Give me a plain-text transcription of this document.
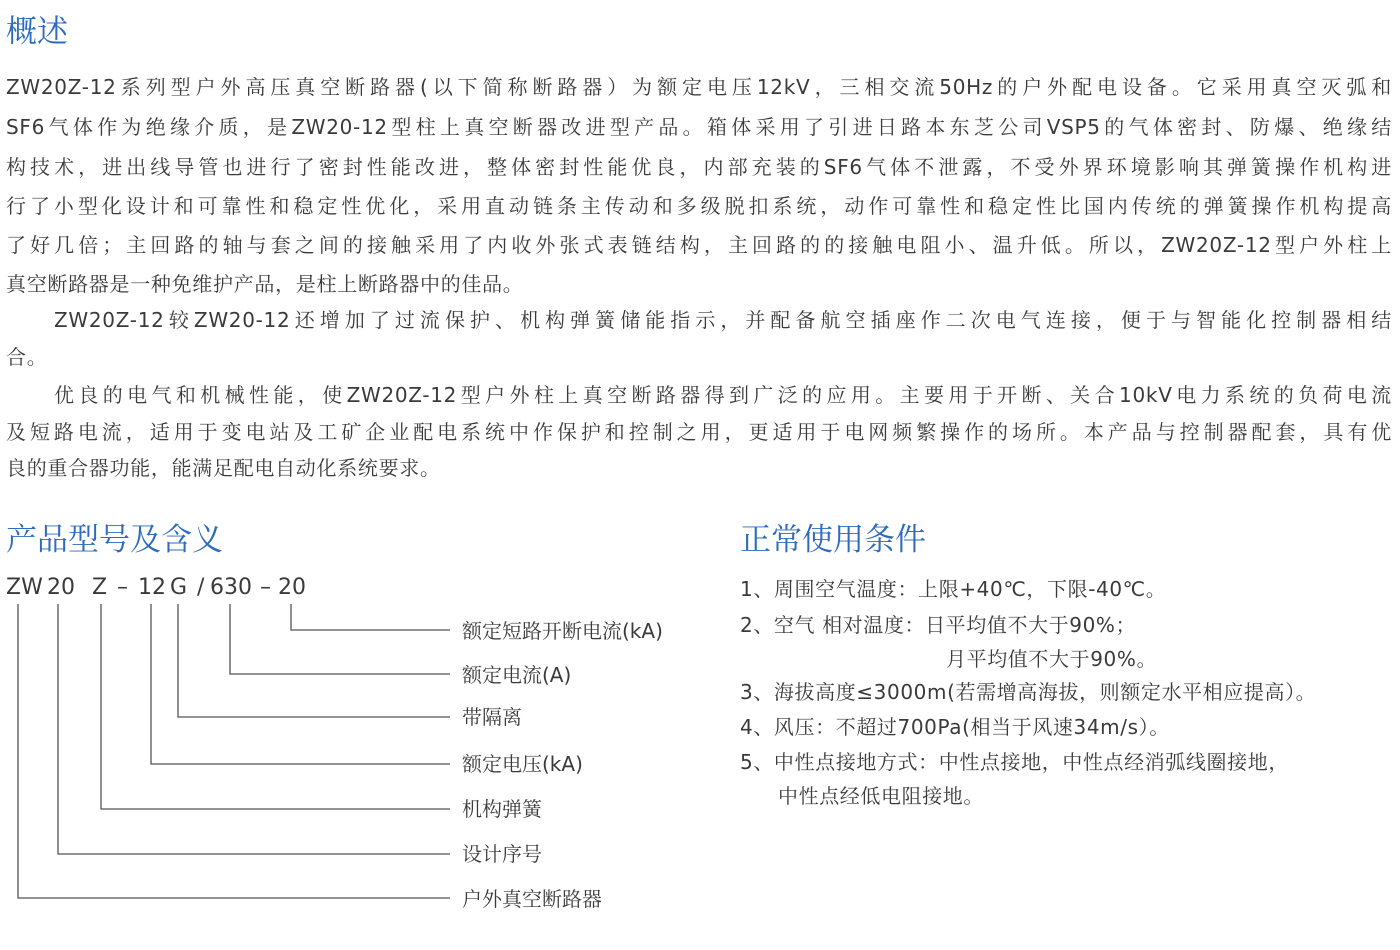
概述
ZW20Z-12系列型户外高压真空断路器(以下简称断路器）为额定电压12kV，三相交流50Hz的户外配电设备。它采用真空灭弧和
SF6气体作为绝缘介质，是ZW20-12型柱上真空断器改进型产品。箱体采用了引进日路本东芝公司VSP5的气体密封、防爆、绝缘结
构技术，进出线导管也进行了密封性能改进，整体密封性能优良，内部充装的SF6气体不泄露，不受外界环境影响其弹簧操作机构进
行了小型化设计和可靠性和稳定性优化，采用直动链条主传动和多级脱扣系统，动作可靠性和稳定性比国内传统的弹簧操作机构提高
了好几倍；主回路的轴与套之间的接触采用了内收外张式表链结构，主回路的的接触电阻小、温升低。所以，ZW20Z-12型户外柱上
真空断路器是一种免维护产品，是柱上断路器中的佳品。
ZW20Z-12较ZW20-12还增加了过流保护、机构弹簧储能指示，并配备航空插座作二次电气连接，便于与智能化控制器相结
合。
优良的电气和机械性能，使ZW20Z-12型户外柱上真空断路器得到广泛的应用。主要用于开断、关合10kV电力系统的负荷电流
及短路电流，适用于变电站及工矿企业配电系统中作保护和控制之用，更适用于电网频繁操作的场所。本产品与控制器配套，具有优
良的重合器功能，能满足配电自动化系统要求。
产品型号及含义
ZW 20 Z – 12 G / 630 – 20
额定短路开断电流(kA)
额定电流(A)
带隔离
额定电压(kA)
机构弹簧
设计序号
户外真空断路器
正常使用条件
1、周围空气温度：上限+40℃，下限-40℃。
2、空气 相对温度：日平均值不大于90%；
月平均值不大于90%。
3、海拔高度≤3000m(若需增高海拔，则额定水平相应提高）。
4、风压：不超过700Pa(相当于风速34m/s）。
5、中性点接地方式：中性点接地，中性点经消弧线圈接地，
中性点经低电阻接地。
